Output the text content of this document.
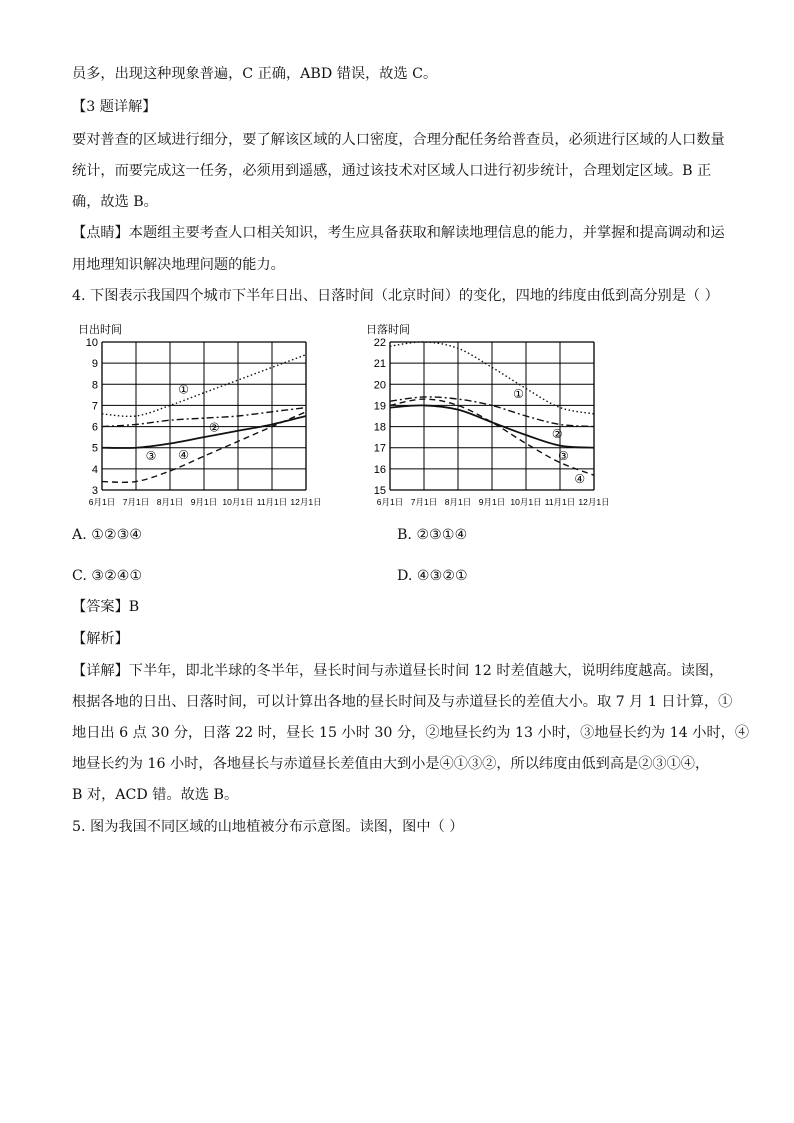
员多，出现这种现象普遍，C 正确，ABD 错误，故选 C。
【3 题详解】
要对普查的区域进行细分，要了解该区域的人口密度，合理分配任务给普查员，必须进行区域的人口数量
统计，而要完成这一任务，必须用到遥感，通过该技术对区域人口进行初步统计，合理划定区域。B 正
确，故选 B。
【点睛】本题组主要考查人口相关知识，考生应具备获取和解读地理信息的能力，并掌握和提高调动和运
用地理知识解决地理问题的能力。
4. 下图表示我国四个城市下半年日出、日落时间（北京时间）的变化，四地的纬度由低到高分别是（ ）
日出时间
3
4
5
6
7
8
9
10
6月1日 7月1日 8月1日 9月1日 10月1日 11月1日 12月1日
①
②
③ ④
日落时间
15
16
17
18
19
20
21
22
6月1日 7月1日 8月1日 9月1日 10月1日 11月1日 12月1日
①
②
③
④
A. ①②③④	B. ②③①④
C. ③②④①	D. ④③②①
【答案】B
【解析】
【详解】下半年，即北半球的冬半年，昼长时间与赤道昼长时间 12 时差值越大，说明纬度越高。读图，
根据各地的日出、日落时间，可以计算出各地的昼长时间及与赤道昼长的差值大小。取 7 月 1 日计算，①
地日出 6 点 30 分，日落 22 时，昼长 15 小时 30 分，②地昼长约为 13 小时，③地昼长约为 14 小时，④
地昼长约为 16 小时，各地昼长与赤道昼长差值由大到小是④①③②，所以纬度由低到高是②③①④，
B 对，ACD 错。故选 B。
5. 图为我国不同区域的山地植被分布示意图。读图，图中（ ）
